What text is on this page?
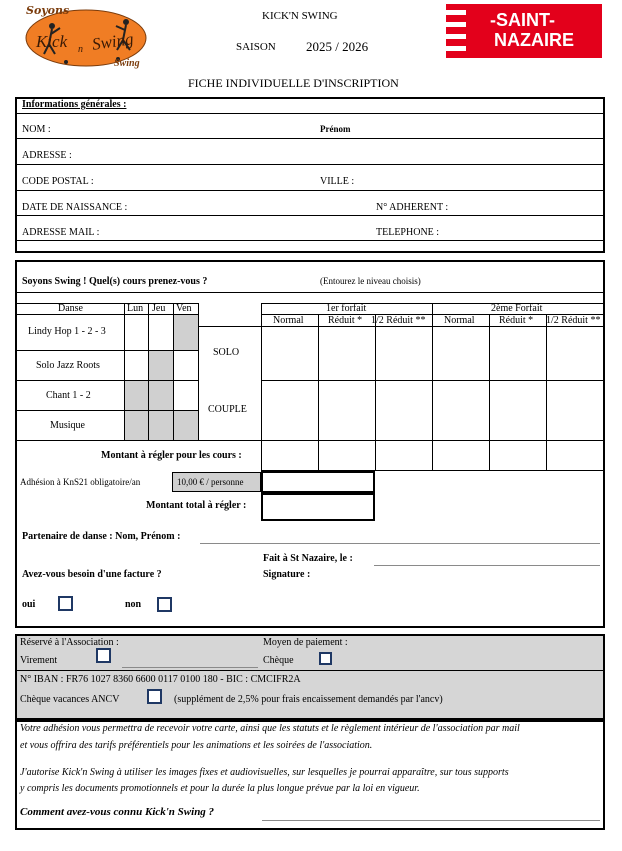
Soyons
Kick n Swing
Swing
KICK'N SWING
SAISON 2025 / 2026
FICHE INDIVIDUELLE D'INSCRIPTION
-SAINT-
NAZAIRE
Informations générales :
NOM :	Prénom
ADRESSE :
CODE POSTAL :	VILLE :
DATE DE NAISSANCE :	N° ADHERENT :
ADRESSE MAIL :	TELEPHONE :
Soyons Swing ! Quel(s) cours prenez-vous ?	(Entourez le niveau choisis)
Danse	Lun Jeu Ven
Lindy Hop 1 - 2 - 3
Solo Jazz Roots
Chant 1 - 2
Musique
SOLO
COUPLE
1er forfait	2ème Forfait
Normal Réduit * 1/2 Réduit ** Normal Réduit * 1/2 Réduit **
Montant à régler pour les cours :
Adhésion à KnS21 obligatoire/an	10,00 € / personne
Montant total à régler :
Partenaire de danse : Nom, Prénom :
Fait à St Nazaire, le :
Signature :
Avez-vous besoin d'une facture ?
oui	non
Réservé à l'Association :	Moyen de paiement :
Virement	Chèque
N° IBAN : FR76 1027 8360 6600 0117 0100 180 - BIC : CMCIFR2A
Chèque vacances ANCV	(supplément de 2,5% pour frais encaissement demandés par l'ancv)
Votre adhésion vous permettra de recevoir votre carte, ainsi que les statuts et le règlement intérieur de l'association par mail
et vous offrira des tarifs préférentiels pour les animations et les soirées de l'association.
J'autorise Kick'n Swing à utiliser les images fixes et audiovisuelles, sur lesquelles je pourrai apparaître, sur tous supports
y compris les documents promotionnels et pour la durée la plus longue prévue par la loi en vigueur.
Comment avez-vous connu Kick'n Swing ?
